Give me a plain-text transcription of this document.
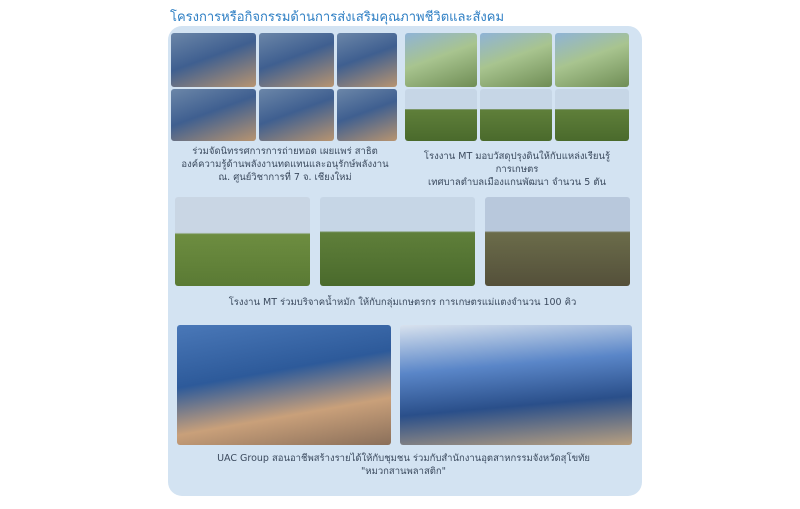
โครงการหรือกิจกรรมด้านการส่งเสริมคุณภาพชีวิตและสังคม
ร่วมจัดนิทรรศการการถ่ายทอด เผยแพร่ สาธิต
องค์ความรู้ด้านพลังงานทดแทนและอนุรักษ์พลังงาน
ณ. ศูนย์วิชาการที่ 7 จ. เชียงใหม่
โรงงาน MT มอบวัสดุปรุงดินให้กับแหล่งเรียนรู้การเกษตร
เทศบาลตำบลเมืองแกนพัฒนา จำนวน 5 ตัน
โรงงาน MT ร่วมบริจาคน้ำหมัก ให้กับกลุ่มเกษตรกร การเกษตรแม่แตงจำนวน 100 คิว
UAC Group สอนอาชีพสร้างรายได้ให้กับชุมชน ร่วมกับสำนักงานอุตสาหกรรมจังหวัดสุโขทัย
"หมวกสานพลาสติก"
